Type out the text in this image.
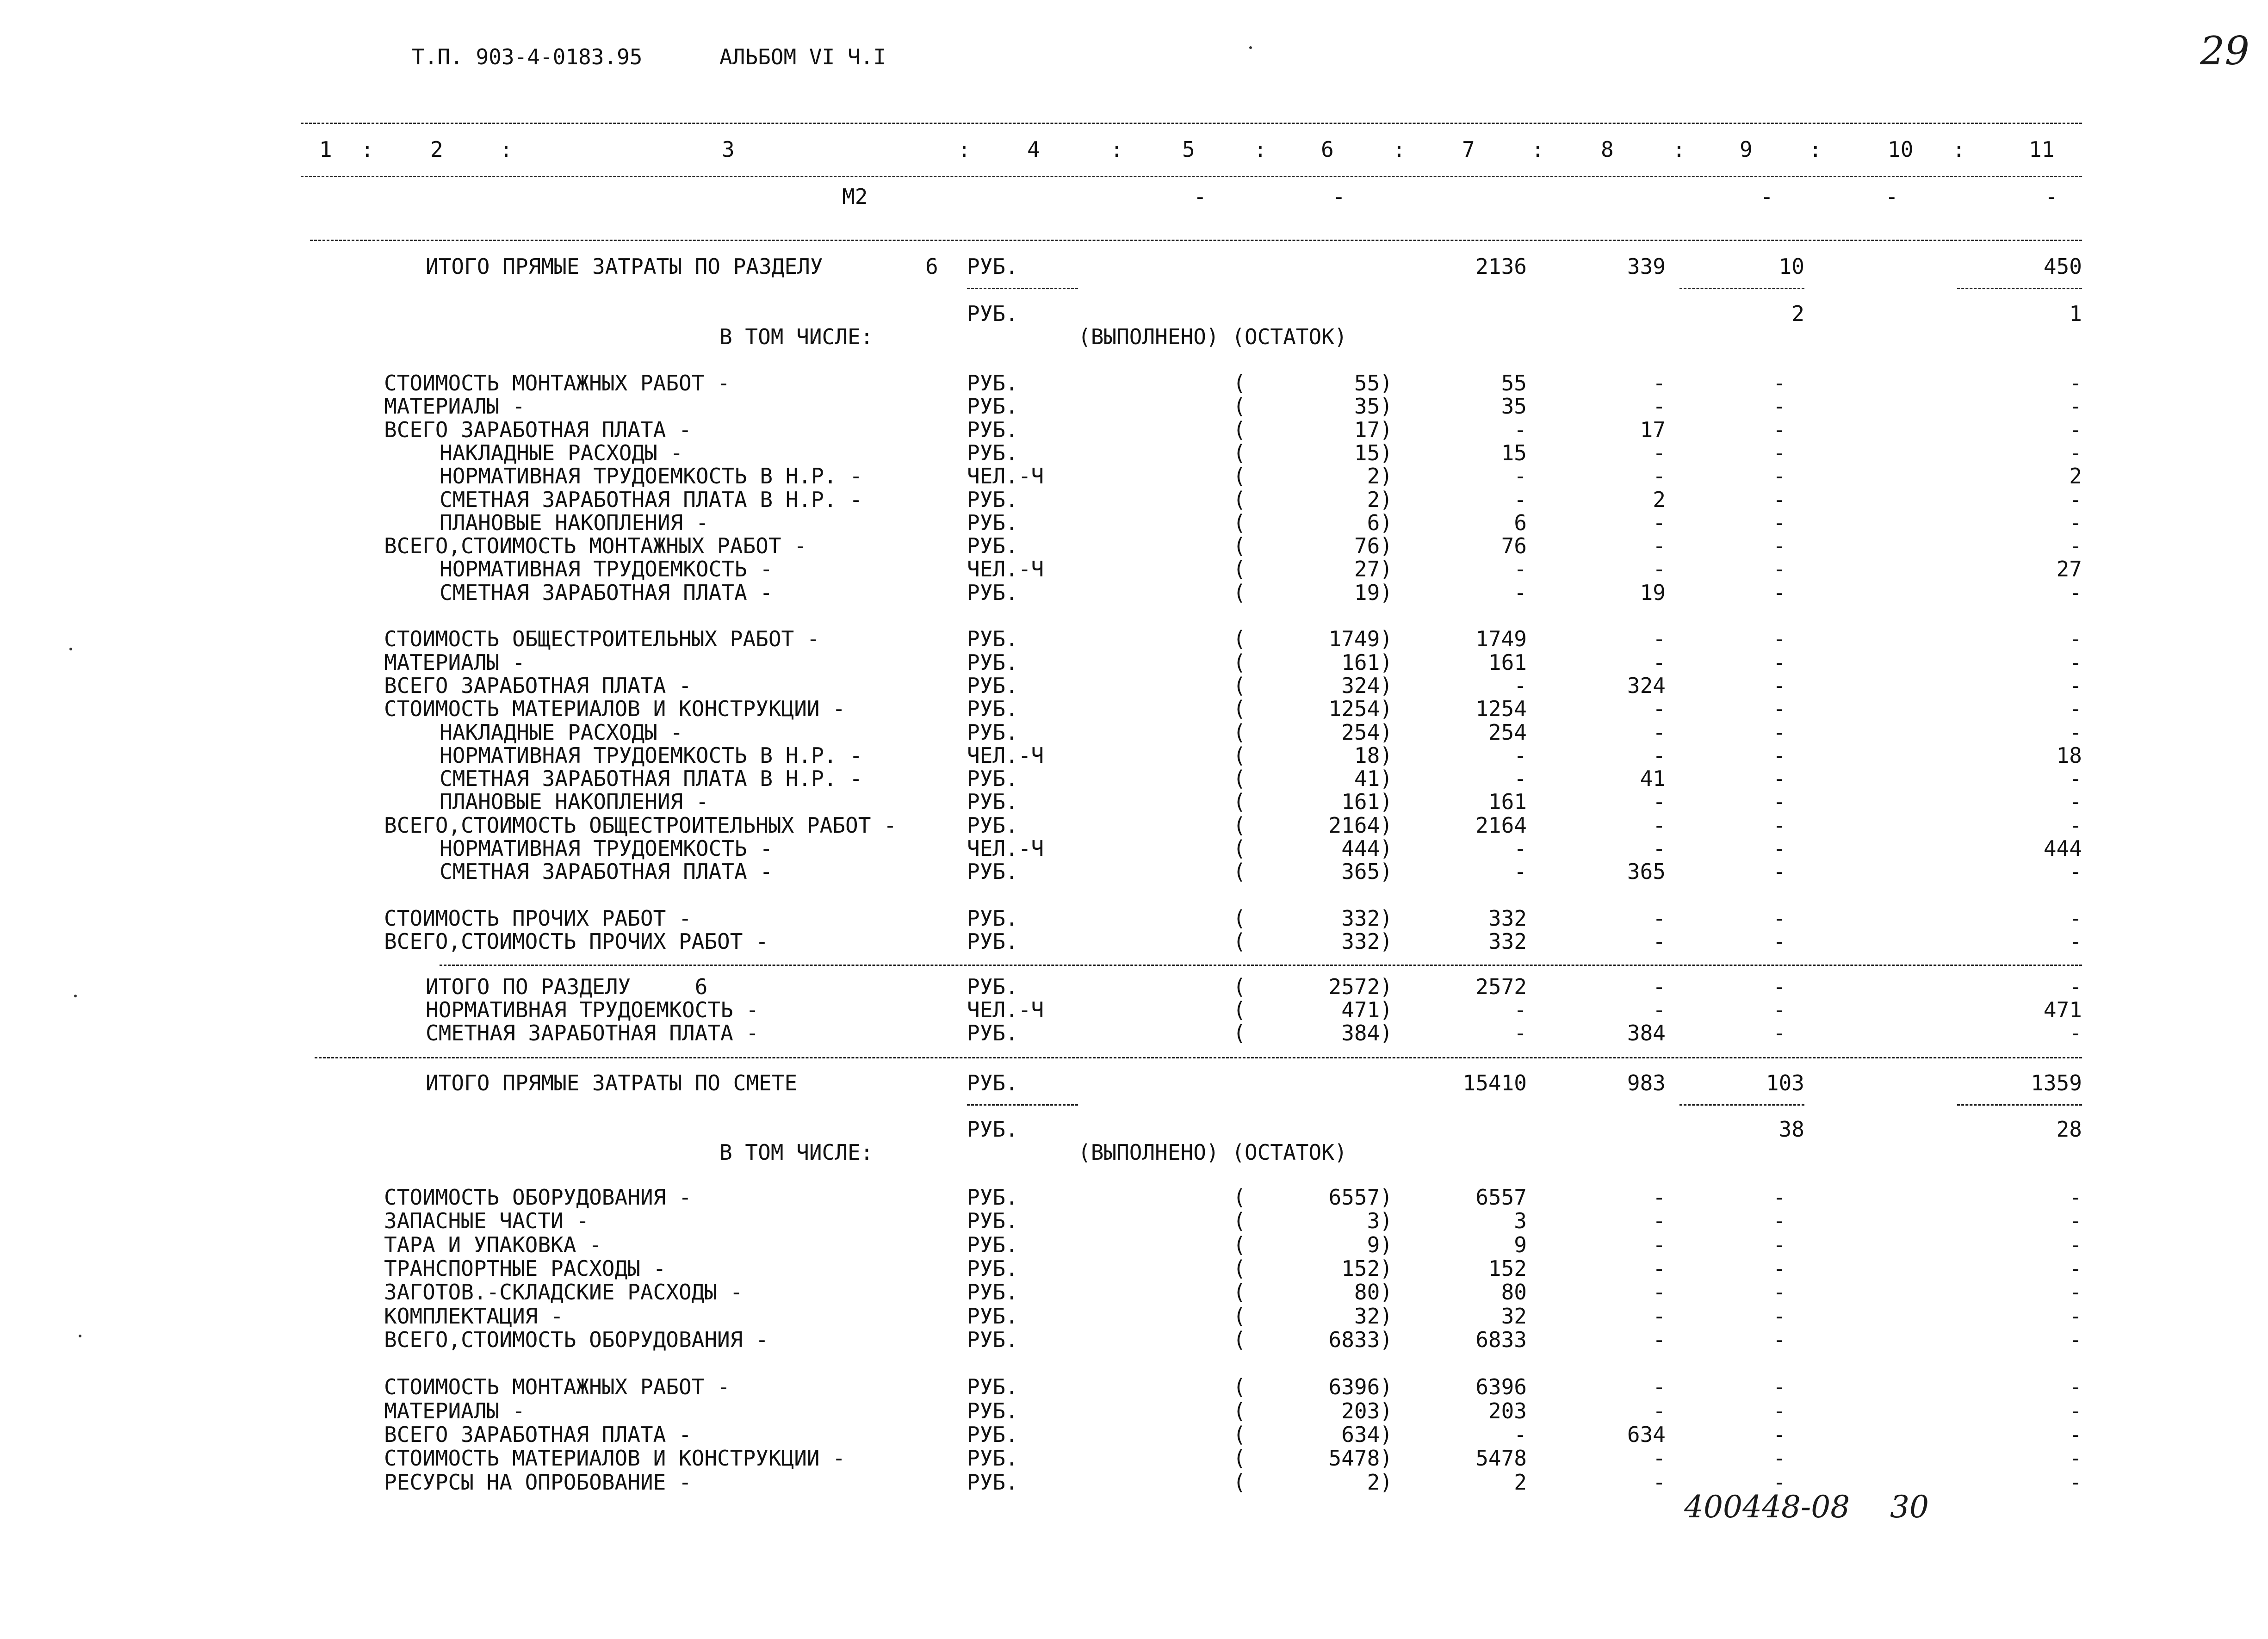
Т.П. 903-4-0183.95	АЛЬБОМ VI Ч.I	29
1 :	2	:	3	:	4	:	5	:	6	:	7	:	8	:	9	:	10 :	11
М2	-	-	-	-	-
ИТОГО ПРЯМЫЕ ЗАТРАТЫ ПО РАЗДЕЛУ	6 РУБ.	2136	339	10	450
РУБ.	2	1
В ТОМ ЧИСЛЕ:	(ВЫПОЛНЕНО) (ОСТАТОК)
СТОИМОСТЬ МОНТАЖНЫХ РАБОТ -	РУБ.	(	55)	55	-	-	-
МАТЕРИАЛЫ -	РУБ.	(	35)	35	-	-	-
ВСЕГО ЗАРАБОТНАЯ ПЛАТА -	РУБ.	(	17)	-	17	-	-
НАКЛАДНЫЕ РАСХОДЫ -	РУБ.	(	15)	15	-	-	-
НОРМАТИВНАЯ ТРУДОЕМКОСТЬ В Н.Р. -	ЧЕЛ.-Ч	(	2)	-	-	-	2
СМЕТНАЯ ЗАРАБОТНАЯ ПЛАТА В Н.Р. -	РУБ.	(	2)	-	2	-	-
ПЛАНОВЫЕ НАКОПЛЕНИЯ -	РУБ.	(	6)	6	-	-	-
ВСЕГО,СТОИМОСТЬ МОНТАЖНЫХ РАБОТ -	РУБ.	(	76)	76	-	-	-
НОРМАТИВНАЯ ТРУДОЕМКОСТЬ -	ЧЕЛ.-Ч	(	27)	-	-	-	27
СМЕТНАЯ ЗАРАБОТНАЯ ПЛАТА -	РУБ.	(	19)	-	19	-	-
СТОИМОСТЬ ОБЩЕСТРОИТЕЛЬНЫХ РАБОТ -	РУБ.	(	1749)	1749	-	-	-
МАТЕРИАЛЫ -	РУБ.	(	161)	161	-	-	-
ВСЕГО ЗАРАБОТНАЯ ПЛАТА -	РУБ.	(	324)	-	324	-	-
СТОИМОСТЬ МАТЕРИАЛОВ И КОНСТРУКЦИИ -	РУБ.	(	1254)	1254	-	-	-
НАКЛАДНЫЕ РАСХОДЫ -	РУБ.	(	254)	254	-	-	-
НОРМАТИВНАЯ ТРУДОЕМКОСТЬ В Н.Р. -	ЧЕЛ.-Ч	(	18)	-	-	-	18
СМЕТНАЯ ЗАРАБОТНАЯ ПЛАТА В Н.Р. -	РУБ.	(	41)	-	41	-	-
ПЛАНОВЫЕ НАКОПЛЕНИЯ -	РУБ.	(	161)	161	-	-	-
ВСЕГО,СТОИМОСТЬ ОБЩЕСТРОИТЕЛЬНЫХ РАБОТ -	РУБ.	(	2164)	2164	-	-	-
НОРМАТИВНАЯ ТРУДОЕМКОСТЬ -	ЧЕЛ.-Ч	(	444)	-	-	-	444
СМЕТНАЯ ЗАРАБОТНАЯ ПЛАТА -	РУБ.	(	365)	-	365	-	-
СТОИМОСТЬ ПРОЧИХ РАБОТ -	РУБ.	(	332)	332	-	-	-
ВСЕГО,СТОИМОСТЬ ПРОЧИХ РАБОТ -	РУБ.	(	332)	332	-	-	-
ИТОГО ПО РАЗДЕЛУ     6	РУБ.	(	2572)	2572	-	-	-
НОРМАТИВНАЯ ТРУДОЕМКОСТЬ -	ЧЕЛ.-Ч	(	471)	-	-	-	471
СМЕТНАЯ ЗАРАБОТНАЯ ПЛАТА -	РУБ.	(	384)	-	384	-	-
ИТОГО ПРЯМЫЕ ЗАТРАТЫ ПО СМЕТЕ	РУБ.	15410	983	103	1359
РУБ.	38	28
В ТОМ ЧИСЛЕ:	(ВЫПОЛНЕНО) (ОСТАТОК)
СТОИМОСТЬ ОБОРУДОВАНИЯ -	РУБ.	(	6557)	6557	-	-	-
ЗАПАСНЫЕ ЧАСТИ -	РУБ.	(	3)	3	-	-	-
ТАРА И УПАКОВКА -	РУБ.	(	9)	9	-	-	-
ТРАНСПОРТНЫЕ РАСХОДЫ -	РУБ.	(	152)	152	-	-	-
ЗАГОТОВ.-СКЛАДСКИЕ РАСХОДЫ -	РУБ.	(	80)	80	-	-	-
КОМПЛЕКТАЦИЯ -	РУБ.	(	32)	32	-	-	-
ВСЕГО,СТОИМОСТЬ ОБОРУДОВАНИЯ -	РУБ.	(	6833)	6833	-	-	-
СТОИМОСТЬ МОНТАЖНЫХ РАБОТ -	РУБ.	(	6396)	6396	-	-	-
МАТЕРИАЛЫ -	РУБ.	(	203)	203	-	-	-
ВСЕГО ЗАРАБОТНАЯ ПЛАТА -	РУБ.	(	634)	-	634	-	-
СТОИМОСТЬ МАТЕРИАЛОВ И КОНСТРУКЦИИ -	РУБ.	(	5478)	5478	-	-	-
РЕСУРСЫ НА ОПРОБОВАНИЕ -	РУБ.	(	2)	2	-	-	-
400448-08 30
